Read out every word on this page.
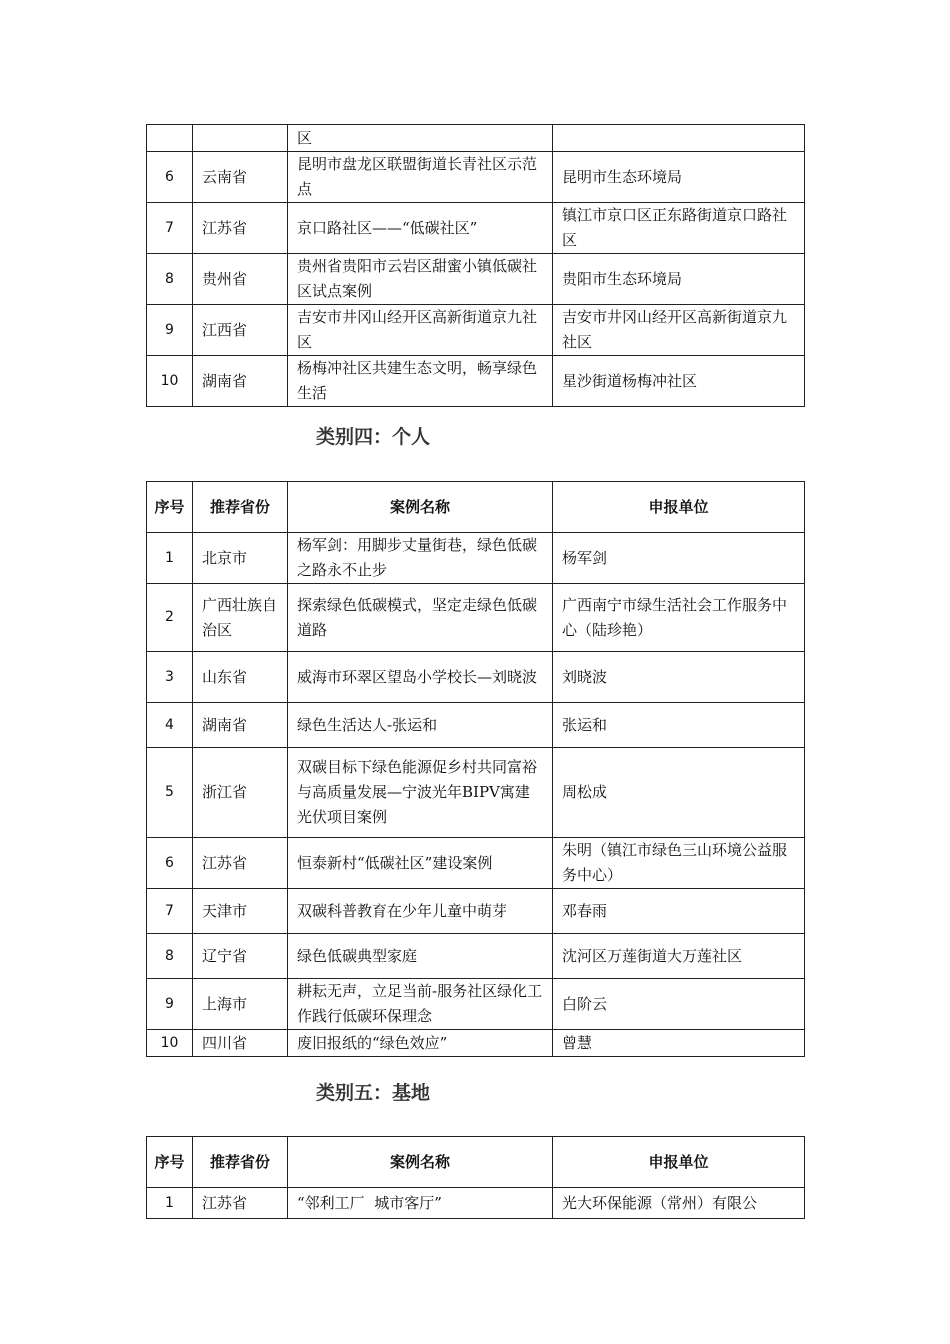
		区	
6	云南省	昆明市盘龙区联盟街道长青社区示范点	昆明市生态环境局
7	江苏省	京口路社区——“低碳社区”	镇江市京口区正东路街道京口路社区
8	贵州省	贵州省贵阳市云岩区甜蜜小镇低碳社区试点案例	贵阳市生态环境局
9	江西省	吉安市井冈山经开区高新街道京九社区	吉安市井冈山经开区高新街道京九社区
10	湖南省	杨梅冲社区共建生态文明，畅享绿色生活	星沙街道杨梅冲社区
类别四：个人
序号	推荐省份	案例名称	申报单位
1	北京市	杨军剑：用脚步丈量街巷，绿色低碳之路永不止步	杨军剑
2	广西壮族自治区	探索绿色低碳模式，坚定走绿色低碳道路	广西南宁市绿生活社会工作服务中心（陆珍艳）
3	山东省	威海市环翠区望岛小学校长—刘晓波	刘晓波
4	湖南省	绿色生活达人-张运和	张运和
5	浙江省	双碳目标下绿色能源促乡村共同富裕与高质量发展—宁波光年BIPV寓建光伏项目案例	周松成
6	江苏省	恒泰新村“低碳社区”建设案例	朱明（镇江市绿色三山环境公益服务中心）
7	天津市	双碳科普教育在少年儿童中萌芽	邓春雨
8	辽宁省	绿色低碳典型家庭	沈河区万莲街道大万莲社区
9	上海市	耕耘无声，立足当前-服务社区绿化工作践行低碳环保理念	白阶云
10	四川省	废旧报纸的“绿色效应”	曾慧
类别五：基地
序号	推荐省份	案例名称	申报单位
1	江苏省	“邻利工厂  城市客厅”	光大环保能源（常州）有限公
